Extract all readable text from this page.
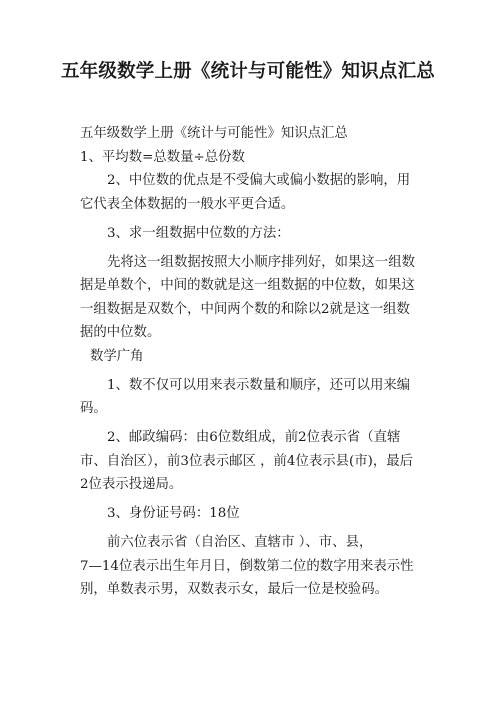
五年级数学上册《统计与可能性》知识点汇总

五年级数学上册《统计与可能性》知识点汇总

1、平均数=总数量÷总份数

2、中位数的优点是不受偏大或偏小数据的影响，用它代表全体数据的一般水平更合适。

3、求一组数据中位数的方法：

先将这一组数据按照大小顺序排列好，如果这一组数据是单数个，中间的数就是这一组数据的中位数，如果这一组数据是双数个，中间两个数的和除以2就是这一组数据的中位数。

数学广角

1、数不仅可以用来表示数量和顺序，还可以用来编码。

2、邮政编码：由6位数组成，前2位表示省（直辖市、自治区），前3位表示邮区 ，前4位表示县(市)，最后2位表示投递局。

3、身份证号码：18位

前六位表示省（自治区、直辖市 ）、市、县，

7—14位表示出生年月日，倒数第二位的数字用来表示性别，单数表示男，双数表示女，最后一位是校验码。
